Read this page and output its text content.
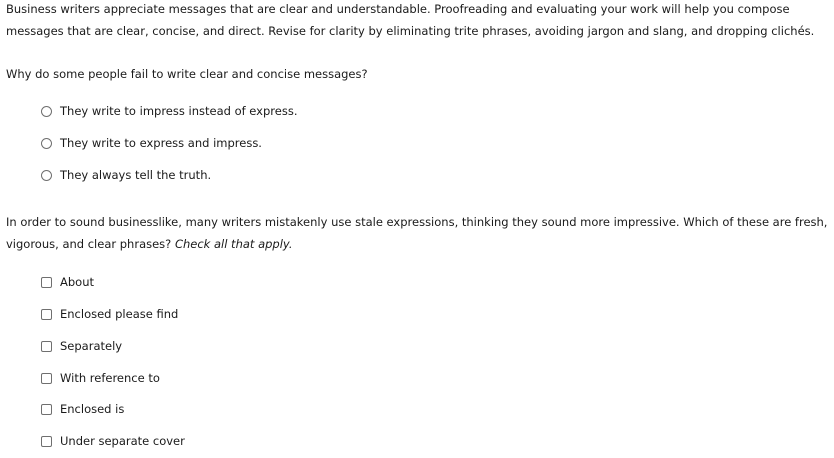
Business writers appreciate messages that are clear and understandable. Proofreading and evaluating your work will help you compose messages that are clear, concise, and direct. Revise for clarity by eliminating trite phrases, avoiding jargon and slang, and dropping clichés.

Why do some people fail to write clear and concise messages?

They write to impress instead of express.
They write to express and impress.
They always tell the truth.

In order to sound businesslike, many writers mistakenly use stale expressions, thinking they sound more impressive. Which of these are fresh, vigorous, and clear phrases? Check all that apply.

About
Enclosed please find
Separately
With reference to
Enclosed is
Under separate cover
